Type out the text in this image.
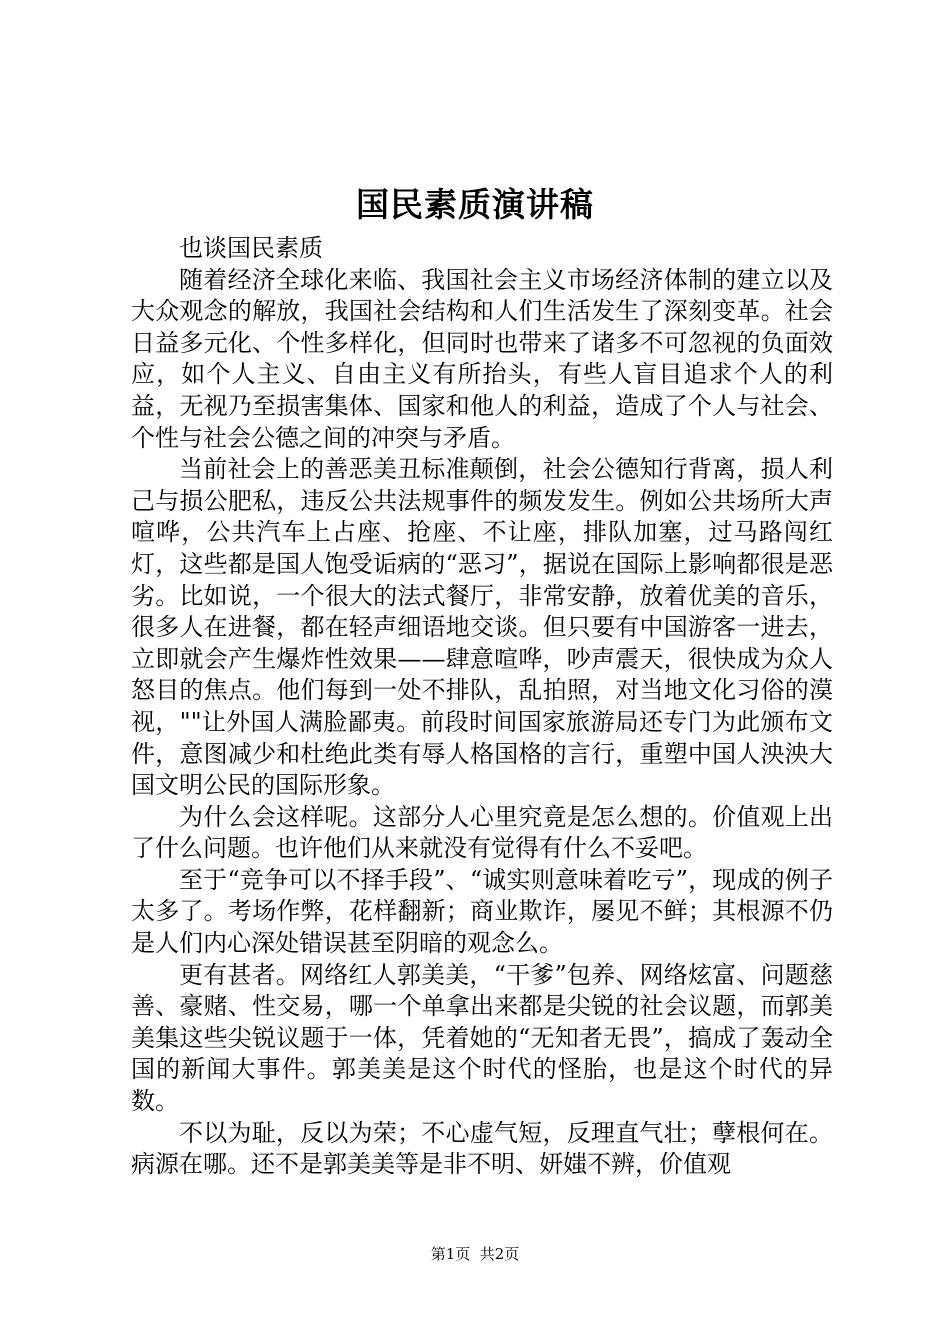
国民素质演讲稿

也谈国民素质

随着经济全球化来临、我国社会主义市场经济体制的建立以及大众观念的解放，我国社会结构和人们生活发生了深刻变革。社会日益多元化、个性多样化，但同时也带来了诸多不可忽视的负面效应，如个人主义、自由主义有所抬头，有些人盲目追求个人的利益，无视乃至损害集体、国家和他人的利益，造成了个人与社会、个性与社会公德之间的冲突与矛盾。

当前社会上的善恶美丑标准颠倒，社会公德知行背离，损人利己与损公肥私，违反公共法规事件的频发发生。例如公共场所大声喧哗，公共汽车上占座、抢座、不让座，排队加塞，过马路闯红灯，这些都是国人饱受诟病的“恶习”，据说在国际上影响都很是恶劣。比如说，一个很大的法式餐厅，非常安静，放着优美的音乐，很多人在进餐，都在轻声细语地交谈。但只要有中国游客一进去，立即就会产生爆炸性效果——肆意喧哗，吵声震天，很快成为众人怒目的焦点。他们每到一处不排队，乱拍照，对当地文化习俗的漠视，""让外国人满脸鄙夷。前段时间国家旅游局还专门为此颁布文件，意图减少和杜绝此类有辱人格国格的言行，重塑中国人泱泱大国文明公民的国际形象。

为什么会这样呢。这部分人心里究竟是怎么想的。价值观上出了什么问题。也许他们从来就没有觉得有什么不妥吧。

至于“竞争可以不择手段”、“诚实则意味着吃亏”，现成的例子太多了。考场作弊，花样翻新；商业欺诈，屡见不鲜；其根源不仍是人们内心深处错误甚至阴暗的观念么。

更有甚者。网络红人郭美美，“干爹”包养、网络炫富、问题慈善、豪赌、性交易，哪一个单拿出来都是尖锐的社会议题，而郭美美集这些尖锐议题于一体，凭着她的“无知者无畏”，搞成了轰动全国的新闻大事件。郭美美是这个时代的怪胎，也是这个时代的异数。

不以为耻，反以为荣；不心虚气短，反理直气壮；孽根何在。病源在哪。还不是郭美美等是非不明、妍媸不辨，价值观

第1页  共2页
